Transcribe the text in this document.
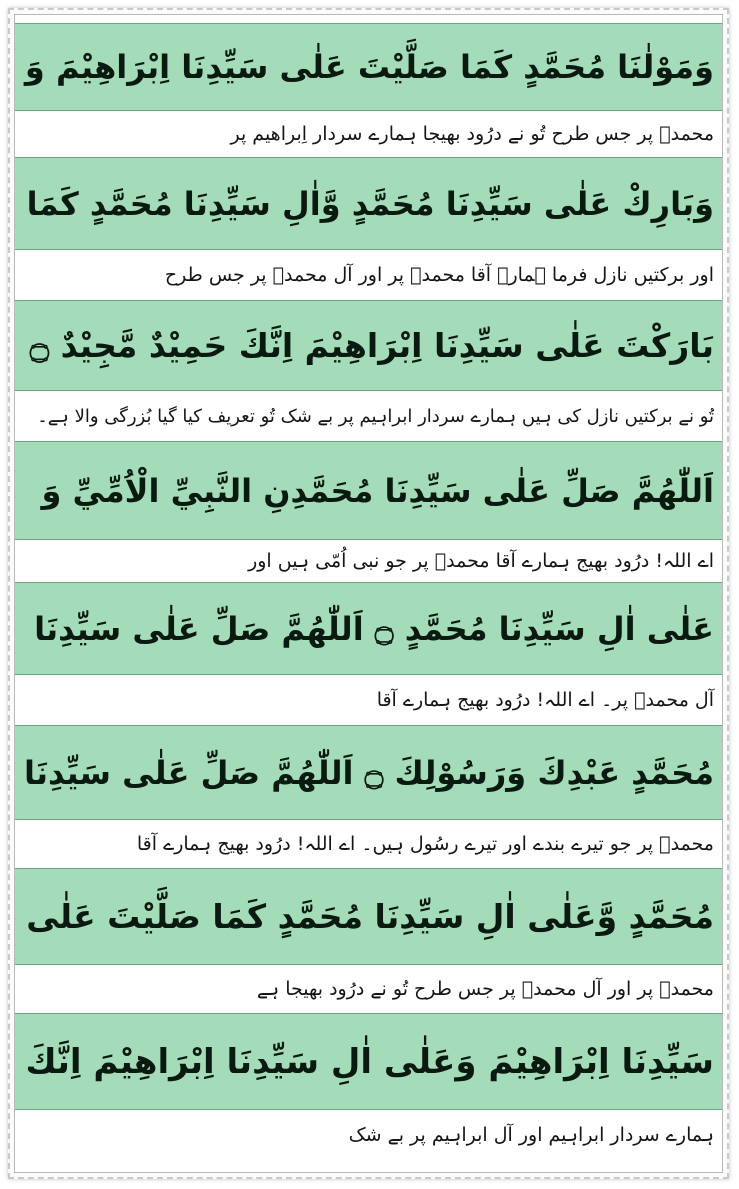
وَمَوْلٰنَا مُحَمَّدٍ كَمَا صَلَّيْتَ عَلٰى سَيِّدِنَا اِبْرَاهِيْمَ وَ
محمدؐ پر جس طرح تُو نے درُود بھیجا ہمارے سردار اِبراھیم پر
وَبَارِكْ عَلٰى سَيِّدِنَا مُحَمَّدٍ وَّاٰلِ سَيِّدِنَا مُحَمَّدٍ كَمَا
اور برکتیں نازل فرما ہمارے آقا محمدؐ پر اور آل محمدؐ پر جس طرح
بَارَكْتَ عَلٰى سَيِّدِنَا اِبْرَاهِيْمَ اِنَّكَ حَمِيْدٌ مَّجِيْدٌ ۝
تُو نے برکتیں نازل کی ہیں ہمارے سردار ابراہیم پر بے شک تُو تعریف کیا گیا بُزرگی والا ہے۔
اَللّٰهُمَّ صَلِّ عَلٰى سَيِّدِنَا مُحَمَّدِنِ النَّبِيِّ الْاُمِّيِّ وَ
اے اللہ! درُود بھیج ہمارے آقا محمدؐ پر جو نبی اُمّی ہیں اور
عَلٰى اٰلِ سَيِّدِنَا مُحَمَّدٍ ۝ اَللّٰهُمَّ صَلِّ عَلٰى سَيِّدِنَا
آل محمدؐ پر۔ اے اللہ! درُود بھیج ہمارے آقا
مُحَمَّدٍ عَبْدِكَ وَرَسُوْلِكَ ۝ اَللّٰهُمَّ صَلِّ عَلٰى سَيِّدِنَا
محمدؐ پر جو تیرے بندے اور تیرے رسُول ہیں۔ اے اللہ! درُود بھیج ہمارے آقا
مُحَمَّدٍ وَّعَلٰى اٰلِ سَيِّدِنَا مُحَمَّدٍ كَمَا صَلَّيْتَ عَلٰى
محمدؐ پر اور آل محمدؐ پر جس طرح تُو نے درُود بھیجا ہے
سَيِّدِنَا اِبْرَاهِيْمَ وَعَلٰى اٰلِ سَيِّدِنَا اِبْرَاهِيْمَ اِنَّكَ
ہمارے سردار ابراہیم اور آل ابراہیم پر بے شک
